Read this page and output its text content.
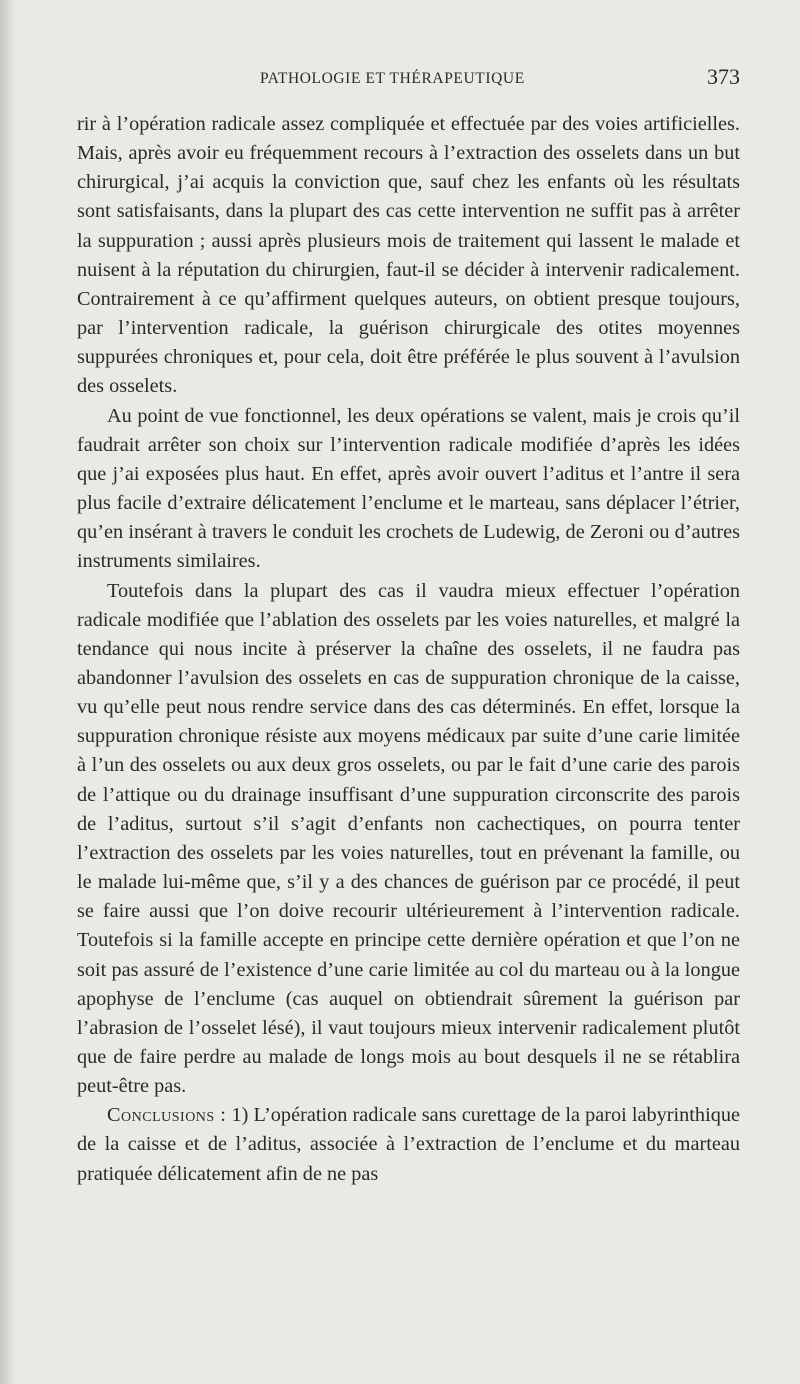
PATHOLOGIE ET THÉRAPEUTIQUE	373

rir à l’opération radicale assez compliquée et effectuée par des voies artificielles. Mais, après avoir eu fréquemment recours à l’extraction des osselets dans un but chirurgical, j’ai acquis la conviction que, sauf chez les enfants où les résultats sont satisfaisants, dans la plupart des cas cette intervention ne suffit pas à arrêter la suppuration ; aussi après plusieurs mois de traitement qui lassent le malade et nuisent à la réputation du chirurgien, faut-il se décider à intervenir radicalement. Contrairement à ce qu’affirment quelques auteurs, on obtient presque toujours, par l’intervention radicale, la guérison chirurgicale des otites moyennes suppurées chroniques et, pour cela, doit être préférée le plus souvent à l’avulsion des osselets.

Au point de vue fonctionnel, les deux opérations se valent, mais je crois qu’il faudrait arrêter son choix sur l’intervention radicale modifiée d’après les idées que j’ai exposées plus haut. En effet, après avoir ouvert l’aditus et l’antre il sera plus facile d’extraire délicatement l’enclume et le marteau, sans déplacer l’étrier, qu’en insérant à travers le conduit les crochets de Ludewig, de Zeroni ou d’autres instruments similaires.

Toutefois dans la plupart des cas il vaudra mieux effectuer l’opération radicale modifiée que l’ablation des osselets par les voies naturelles, et malgré la tendance qui nous incite à préserver la chaîne des osselets, il ne faudra pas abandonner l’avulsion des osselets en cas de suppuration chronique de la caisse, vu qu’elle peut nous rendre service dans des cas déterminés. En effet, lorsque la suppuration chronique résiste aux moyens médicaux par suite d’une carie limitée à l’un des osselets ou aux deux gros osselets, ou par le fait d’une carie des parois de l’attique ou du drainage insuffisant d’une suppuration circonscrite des parois de l’aditus, surtout s’il s’agit d’enfants non cachectiques, on pourra tenter l’extraction des osselets par les voies naturelles, tout en prévenant la famille, ou le malade lui-même que, s’il y a des chances de guérison par ce procédé, il peut se faire aussi que l’on doive recourir ultérieurement à l’intervention radicale. Toutefois si la famille accepte en principe cette dernière opération et que l’on ne soit pas assuré de l’existence d’une carie limitée au col du marteau ou à la longue apophyse de l’enclume (cas auquel on obtiendrait sûrement la guérison par l’abrasion de l’osselet lésé), il vaut toujours mieux intervenir radicalement plutôt que de faire perdre au malade de longs mois au bout desquels il ne se rétablira peut-être pas.

Conclusions : 1) L’opération radicale sans curettage de la paroi labyrinthique de la caisse et de l’aditus, associée à l’extraction de l’enclume et du marteau pratiquée délicatement afin de ne pas
